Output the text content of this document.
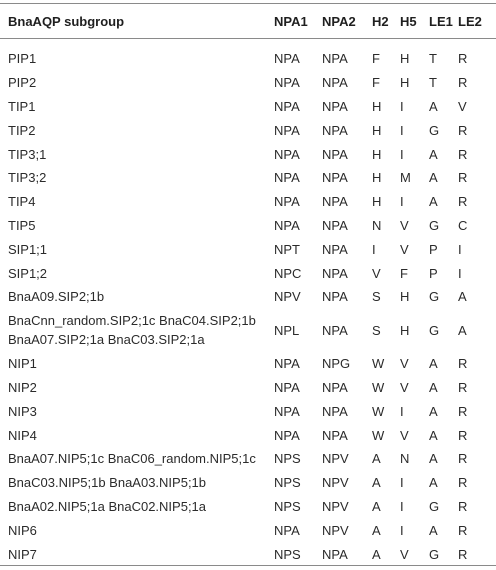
BnaAQP subgroup	NPA1	NPA2	H2	H5	LE1	LE2

PIP1	NPA	NPA	F	H	T	R
PIP2	NPA	NPA	F	H	T	R
TIP1	NPA	NPA	H	I	A	V
TIP2	NPA	NPA	H	I	G	R
TIP3;1	NPA	NPA	H	I	A	R
TIP3;2	NPA	NPA	H	M	A	R
TIP4	NPA	NPA	H	I	A	R
TIP5	NPA	NPA	N	V	G	C
SIP1;1	NPT	NPA	I	V	P	I
SIP1;2	NPC	NPA	V	F	P	I
BnaA09.SIP2;1b	NPV	NPA	S	H	G	A
BnaCnn_random.SIP2;1c BnaC04.SIP2;1b BnaA07.SIP2;1a BnaC03.SIP2;1a	NPL	NPA	S	H	G	A
NIP1	NPA	NPG	W	V	A	R
NIP2	NPA	NPA	W	V	A	R
NIP3	NPA	NPA	W	I	A	R
NIP4	NPA	NPA	W	V	A	R
BnaA07.NIP5;1c BnaC06_random.NIP5;1c	NPS	NPV	A	N	A	R
BnaC03.NIP5;1b BnaA03.NIP5;1b	NPS	NPV	A	I	A	R
BnaA02.NIP5;1a BnaC02.NIP5;1a	NPS	NPV	A	I	G	R
NIP6	NPA	NPV	A	I	A	R
NIP7	NPS	NPA	A	V	G	R
